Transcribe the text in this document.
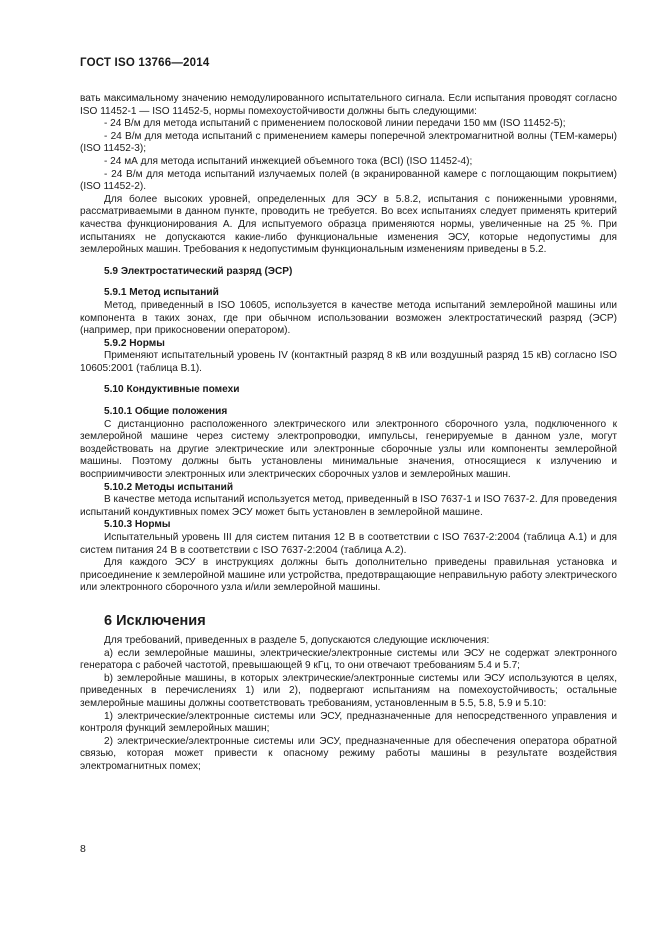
ГОСТ ISO 13766—2014

вать максимальному значению немодулированного испытательного сигнала. Если испытания проводят согласно ISO 11452-1 — ISO 11452-5, нормы помехоустойчивости должны быть следующими:

- 24 В/м для метода испытаний с применением полосковой линии передачи 150 мм (ISO 11452-5);

- 24 В/м для метода испытаний с применением камеры поперечной электромагнитной волны (ТЕМ-камеры) (ISO 11452-3);

- 24 мА для метода испытаний инжекцией объемного тока (BCI) (ISO 11452-4);

- 24 В/м для метода испытаний излучаемых полей (в экранированной камере с поглощающим покрытием) (ISO 11452-2).

Для более высоких уровней, определенных для ЭСУ в 5.8.2, испытания с пониженными уровнями, рассматриваемыми в данном пункте, проводить не требуется. Во всех испытаниях следует применять критерий качества функционирования А. Для испытуемого образца применяются нормы, увеличенные на 25 %. При испытаниях не допускаются какие-либо функциональные изменения ЭСУ, которые недопустимы для землеройных машин. Требования к недопустимым функциональным изменениям приведены в 5.2.

5.9 Электростатический разряд (ЭСР)

5.9.1 Метод испытаний

Метод, приведенный в ISO 10605, используется в качестве метода испытаний землеройной машины или компонента в таких зонах, где при обычном использовании возможен электростатический разряд (ЭСР) (например, при прикосновении оператором).

5.9.2 Нормы

Применяют испытательный уровень IV (контактный разряд 8 кВ или воздушный разряд 15 кВ) согласно ISO 10605:2001 (таблица В.1).

5.10 Кондуктивные помехи

5.10.1 Общие положения

С дистанционно расположенного электрического или электронного сборочного узла, подключенного к землеройной машине через систему электропроводки, импульсы, генерируемые в данном узле, могут воздействовать на другие электрические или электронные сборочные узлы или компоненты землеройной машины. Поэтому должны быть установлены минимальные значения, относящиеся к излучению и восприимчивости электронных или электрических сборочных узлов и землеройных машин.

5.10.2 Методы испытаний

В качестве метода испытаний используется метод, приведенный в ISO 7637-1 и ISO 7637-2. Для проведения испытаний кондуктивных помех ЭСУ может быть установлен в землеройной машине.

5.10.3 Нормы

Испытательный уровень III для систем питания 12 В в соответствии с ISO 7637-2:2004 (таблица А.1) и для систем питания 24 В в соответствии с ISO 7637-2:2004 (таблица А.2).

Для каждого ЭСУ в инструкциях должны быть дополнительно приведены правильная установка и присоединение к землеройной машине или устройства, предотвращающие неправильную работу электрического или электронного сборочного узла и/или землеройной машины.

6 Исключения

Для требований, приведенных в разделе 5, допускаются следующие исключения:

a) если землеройные машины, электрические/электронные системы или ЭСУ не содержат электронного генератора с рабочей частотой, превышающей 9 кГц, то они отвечают требованиям 5.4 и 5.7;

b) землеройные машины, в которых электрические/электронные системы или ЭСУ используются в целях, приведенных в перечислениях 1) или 2), подвергают испытаниям на помехоустойчивость; остальные землеройные машины должны соответствовать требованиям, установленным в 5.5, 5.8, 5.9 и 5.10:

1) электрические/электронные системы или ЭСУ, предназначенные для непосредственного управления и контроля функций землеройных машин;

2) электрические/электронные системы или ЭСУ, предназначенные для обеспечения оператора обратной связью, которая может привести к опасному режиму работы машины в результате воздействия электромагнитных помех;

8
